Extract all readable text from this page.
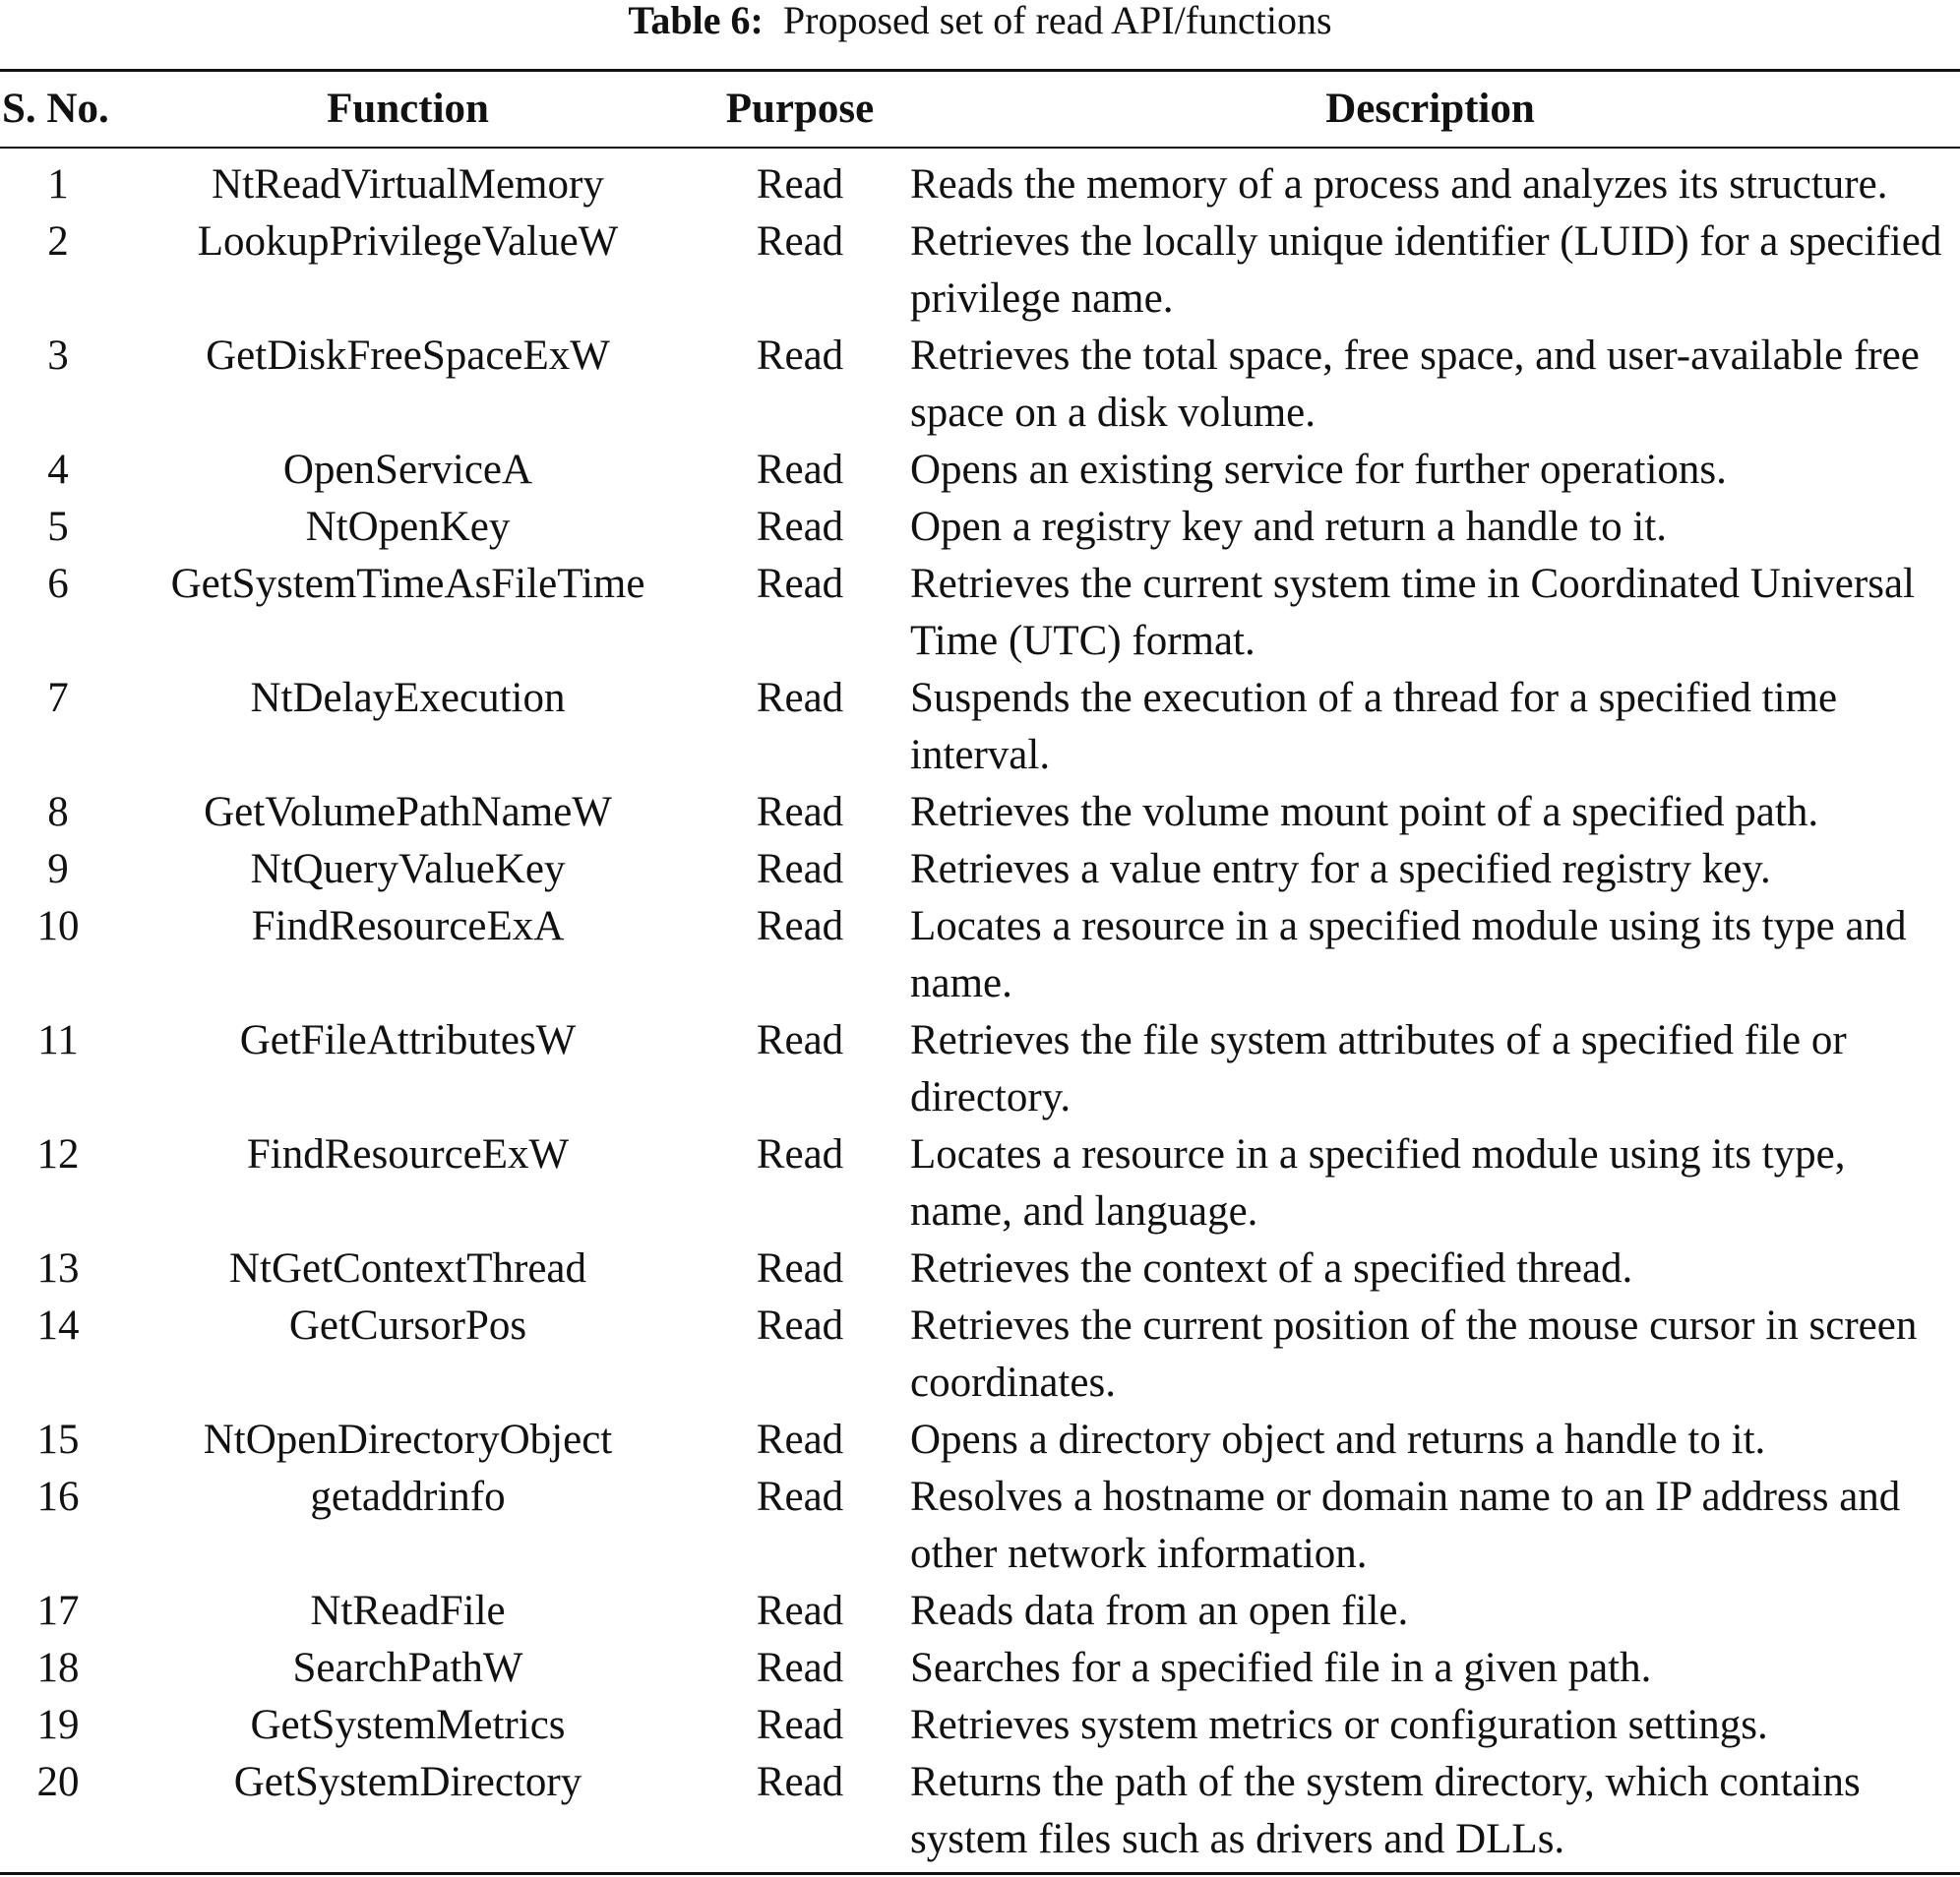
Table 6: Proposed set of read API/functions
S. No.	Function	Purpose	Description
1	NtReadVirtualMemory	Read	Reads the memory of a process and analyzes its structure.
2	LookupPrivilegeValueW	Read	Retrieves the locally unique identifier (LUID) for a specified privilege name.
3	GetDiskFreeSpaceExW	Read	Retrieves the total space, free space, and user-available free space on a disk volume.
4	OpenServiceA	Read	Opens an existing service for further operations.
5	NtOpenKey	Read	Open a registry key and return a handle to it.
6	GetSystemTimeAsFileTime	Read	Retrieves the current system time in Coordinated Universal Time (UTC) format.
7	NtDelayExecution	Read	Suspends the execution of a thread for a specified time interval.
8	GetVolumePathNameW	Read	Retrieves the volume mount point of a specified path.
9	NtQueryValueKey	Read	Retrieves a value entry for a specified registry key.
10	FindResourceExA	Read	Locates a resource in a specified module using its type and name.
11	GetFileAttributesW	Read	Retrieves the file system attributes of a specified file or directory.
12	FindResourceExW	Read	Locates a resource in a specified module using its type, name, and language.
13	NtGetContextThread	Read	Retrieves the context of a specified thread.
14	GetCursorPos	Read	Retrieves the current position of the mouse cursor in screen coordinates.
15	NtOpenDirectoryObject	Read	Opens a directory object and returns a handle to it.
16	getaddrinfo	Read	Resolves a hostname or domain name to an IP address and other network information.
17	NtReadFile	Read	Reads data from an open file.
18	SearchPathW	Read	Searches for a specified file in a given path.
19	GetSystemMetrics	Read	Retrieves system metrics or configuration settings.
20	GetSystemDirectory	Read	Returns the path of the system directory, which contains system files such as drivers and DLLs.
